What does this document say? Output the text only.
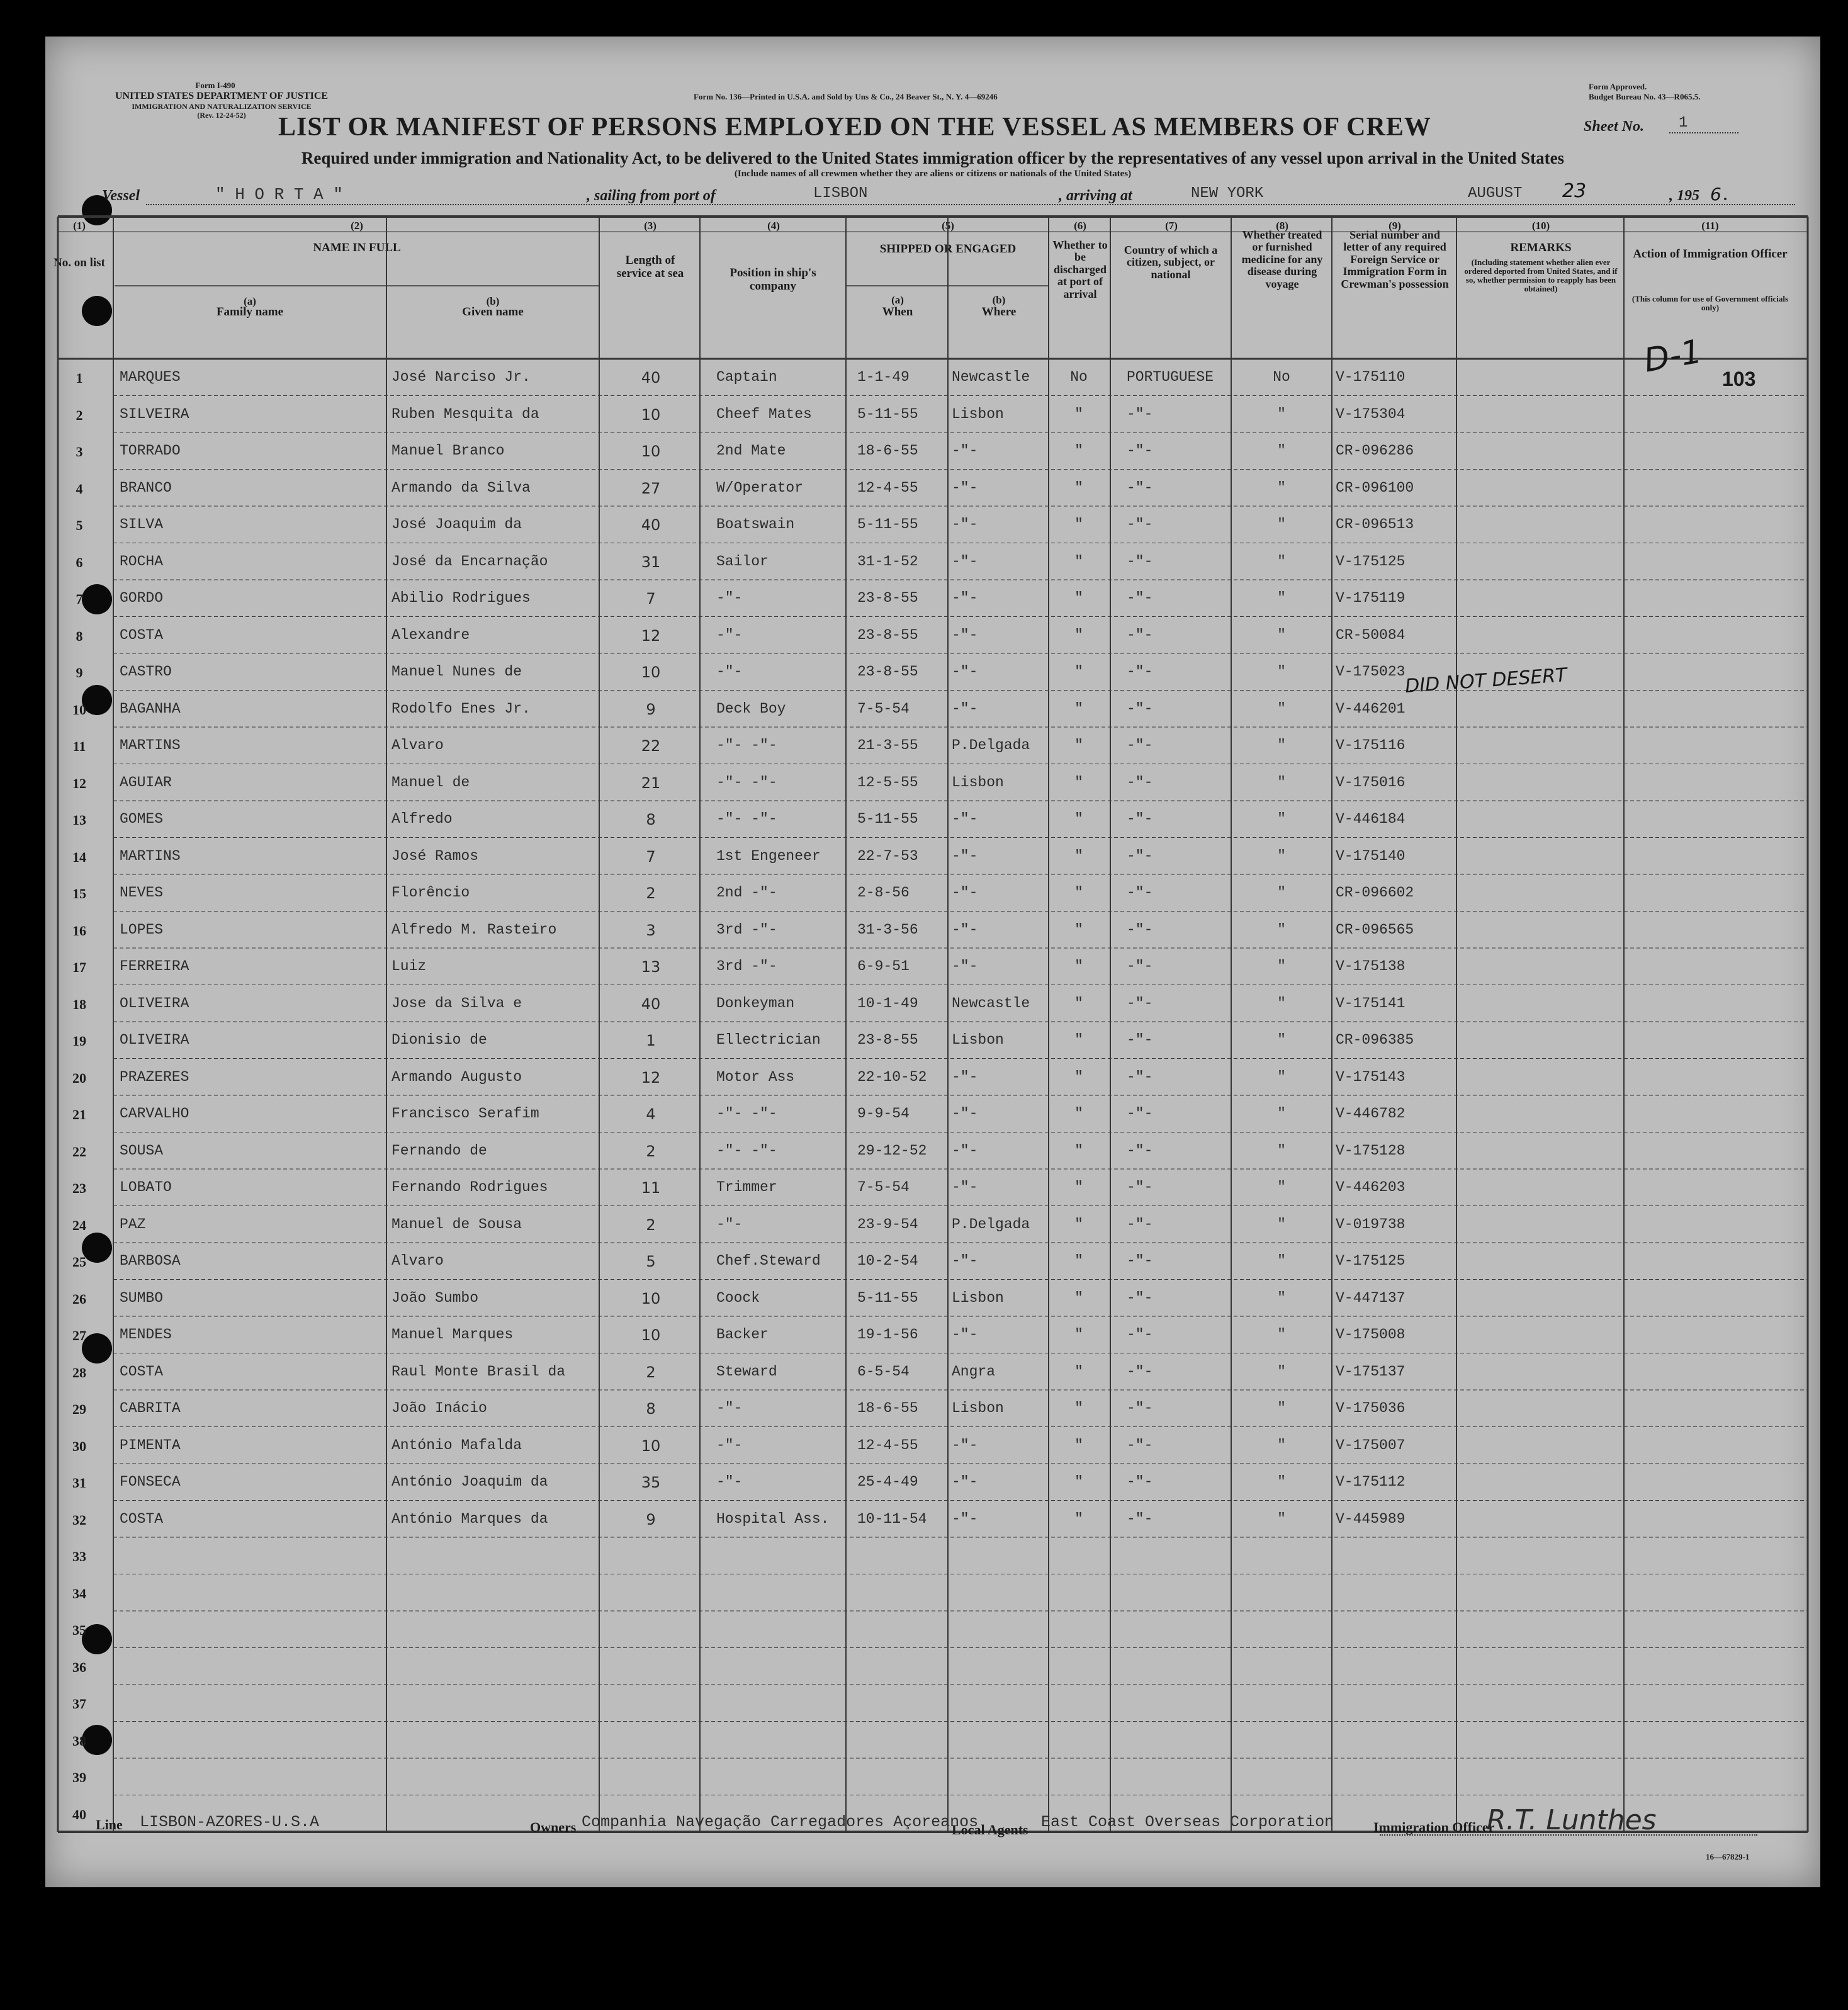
Form I-490
UNITED STATES DEPARTMENT OF JUSTICE
IMMIGRATION AND NATURALIZATION SERVICE
(Rev. 12-24-52)
Form No. 136—Printed in U.S.A. and Sold by Uns & Co., 24 Beaver St., N. Y. 4—69246
Form Approved.
Budget Bureau No. 43—R065.5.
LIST OR MANIFEST OF PERSONS EMPLOYED ON THE VESSEL AS MEMBERS OF CREW	Sheet No. 1
Required under immigration and Nationality Act, to be delivered to the United States immigration officer by the representatives of any vessel upon arrival in the United States
(Include names of all crewmen whether they are aliens or citizens or nationals of the United States)
Vessel	" H O R T A "	, sailing from port of	LISBON	, arriving at	NEW YORK	AUGUST 23	, 195 6 .
(1)
No. on list
(2)
NAME IN FULL
(a)
Family name
(b)
Given name
(3)
Length of service at sea
(4)
Position in ship's company
(5)
SHIPPED OR ENGAGED
(a)
When
(b)
Where
(6)
Whether to be discharged at port of arrival
(7)
Country of which a citizen, subject, or national
(8)
Whether treated or furnished medicine for any disease during voyage
(9)
Serial number and letter of any required Foreign Service or Immigration Form in Crewman's possession
(10)
REMARKS
(Including statement whether alien ever ordered deported from United States, and if so, whether permission to reapply has been obtained)
(11)
Action of Immigration Officer
(This column for use of Government officials only)
1	MARQUES	José Narciso Jr.	40	Captain	1-1-49	Newcastle	No	PORTUGUESE	No	V-175110
2	SILVEIRA	Ruben Mesquita da	10	Cheef Mates	5-11-55 Lisbon	"	-"-	"	V-175304
3	TORRADO	Manuel Branco	10	2nd Mate	18-6-55 -"-	"	-"-	"	CR-096286
4	BRANCO	Armando da Silva	27	W/Operator	12-4-55 -"-	"	-"-	"	CR-096100
5	SILVA	José Joaquim da	40	Boatswain	5-11-55 -"-	"	-"-	"	CR-096513
6	ROCHA	José da Encarnação	31	Sailor	31-1-52 -"-	"	-"-	"	V-175125
7	GORDO	Abilio Rodrigues	7	-"-	23-8-55 -"-	"	-"-	"	V-175119
8	COSTA	Alexandre	12	-"-	23-8-55 -"-	"	-"-	"	CR-50084
9	CASTRO	Manuel Nunes de	10	-"-	23-8-55 -"-	"	-"-	"	V-175023
10	BAGANHA	Rodolfo Enes Jr.	9	Deck Boy	7-5-54	-"-	"	-"-	"	V-446201
11	MARTINS	Alvaro	22	-"- -"-	21-3-55 P.Delgada	"	-"-	"	V-175116
12	AGUIAR	Manuel de	21	-"- -"-	12-5-55 Lisbon	"	-"-	"	V-175016
13	GOMES	Alfredo	8	-"- -"-	5-11-55 -"-	"	-"-	"	V-446184
14	MARTINS	José Ramos	7	1st Engeneer	22-7-53 -"-	"	-"-	"	V-175140
15	NEVES	Florêncio	2	2nd -"-	2-8-56	-"-	"	-"-	"	CR-096602
16	LOPES	Alfredo M. Rasteiro	3	3rd -"-	31-3-56 -"-	"	-"-	"	CR-096565
17	FERREIRA	Luiz	13	3rd -"-	6-9-51	-"-	"	-"-	"	V-175138
18	OLIVEIRA	Jose da Silva e	40	Donkeyman	10-1-49 Newcastle	"	-"-	"	V-175141
19	OLIVEIRA	Dionisio de	1	Ellectrician	23-8-55 Lisbon	"	-"-	"	CR-096385
20	PRAZERES	Armando Augusto	12	Motor Ass	22-10-52 -"-	"	-"-	"	V-175143
21	CARVALHO	Francisco Serafim	4	-"- -"-	9-9-54	-"-	"	-"-	"	V-446782
22	SOUSA	Fernando de	2	-"- -"-	29-12-52 -"-	"	-"-	"	V-175128
23	LOBATO	Fernando Rodrigues	11	Trimmer	7-5-54	-"-	"	-"-	"	V-446203
24	PAZ	Manuel de Sousa	2	-"-	23-9-54 P.Delgada	"	-"-	"	V-019738
25	BARBOSA	Alvaro	5	Chef.Steward	10-2-54 -"-	"	-"-	"	V-175125
26	SUMBO	João Sumbo	10	Coock	5-11-55 Lisbon	"	-"-	"	V-447137
27	MENDES	Manuel Marques	10	Backer	19-1-56 -"-	"	-"-	"	V-175008
28	COSTA	Raul Monte Brasil da	2	Steward	6-5-54	Angra	"	-"-	"	V-175137
29	CABRITA	João Inácio	8	-"-	18-6-55 Lisbon	"	-"-	"	V-175036
30	PIMENTA	António Mafalda	10	-"-	12-4-55 -"-	"	-"-	"	V-175007
31	FONSECA	António Joaquim da	35	-"-	25-4-49 -"-	"	-"-	"	V-175112
32	COSTA	António Marques da	9	Hospital Ass. 10-11-54 -"-	"	-"-	"	V-445989
33
34
35
36
37
38
39
40
DID NOT DESERT
D-1 103
Line LISBON-AZORES-U.S.A	Owners Companhia Navegação Carregadores Açoreanos
Local Agents East Coast Overseas Corporation	Immigration Officer
R.T. Lunthes
16—67829-1
